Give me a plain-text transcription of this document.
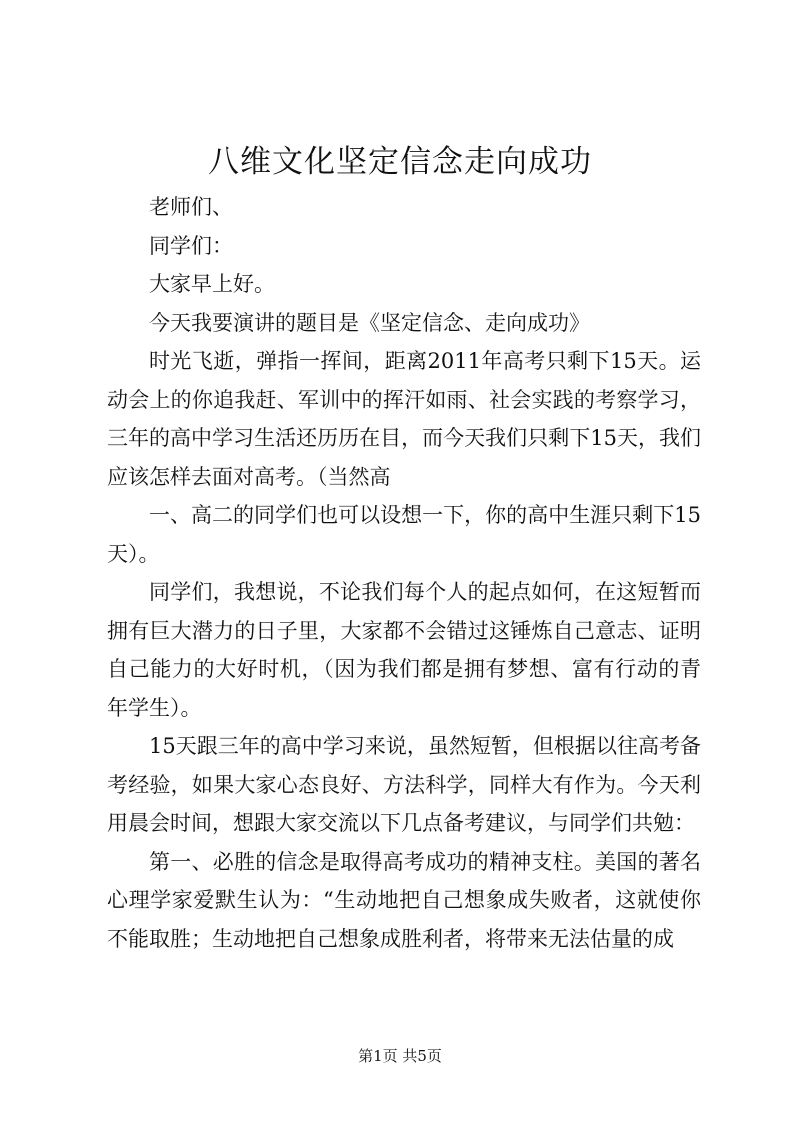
八维文化坚定信念走向成功

老师们、

同学们：

大家早上好。

今天我要演讲的题目是《坚定信念、走向成功》

时光飞逝，弹指一挥间，距离2011年高考只剩下15天。运动会上的你追我赶、军训中的挥汗如雨、社会实践的考察学习，三年的高中学习生活还历历在目，而今天我们只剩下15天，我们应该怎样去面对高考。（当然高

一、高二的同学们也可以设想一下，你的高中生涯只剩下15天）。

同学们，我想说，不论我们每个人的起点如何，在这短暂而拥有巨大潜力的日子里，大家都不会错过这锤炼自己意志、证明自己能力的大好时机，（因为我们都是拥有梦想、富有行动的青年学生）。

15天跟三年的高中学习来说，虽然短暂，但根据以往高考备考经验，如果大家心态良好、方法科学，同样大有作为。今天利用晨会时间，想跟大家交流以下几点备考建议，与同学们共勉：

第一、必胜的信念是取得高考成功的精神支柱。美国的著名心理学家爱默生认为：“生动地把自己想象成失败者，这就使你不能取胜；生动地把自己想象成胜利者，将带来无法估量的成

第1页 共5页
